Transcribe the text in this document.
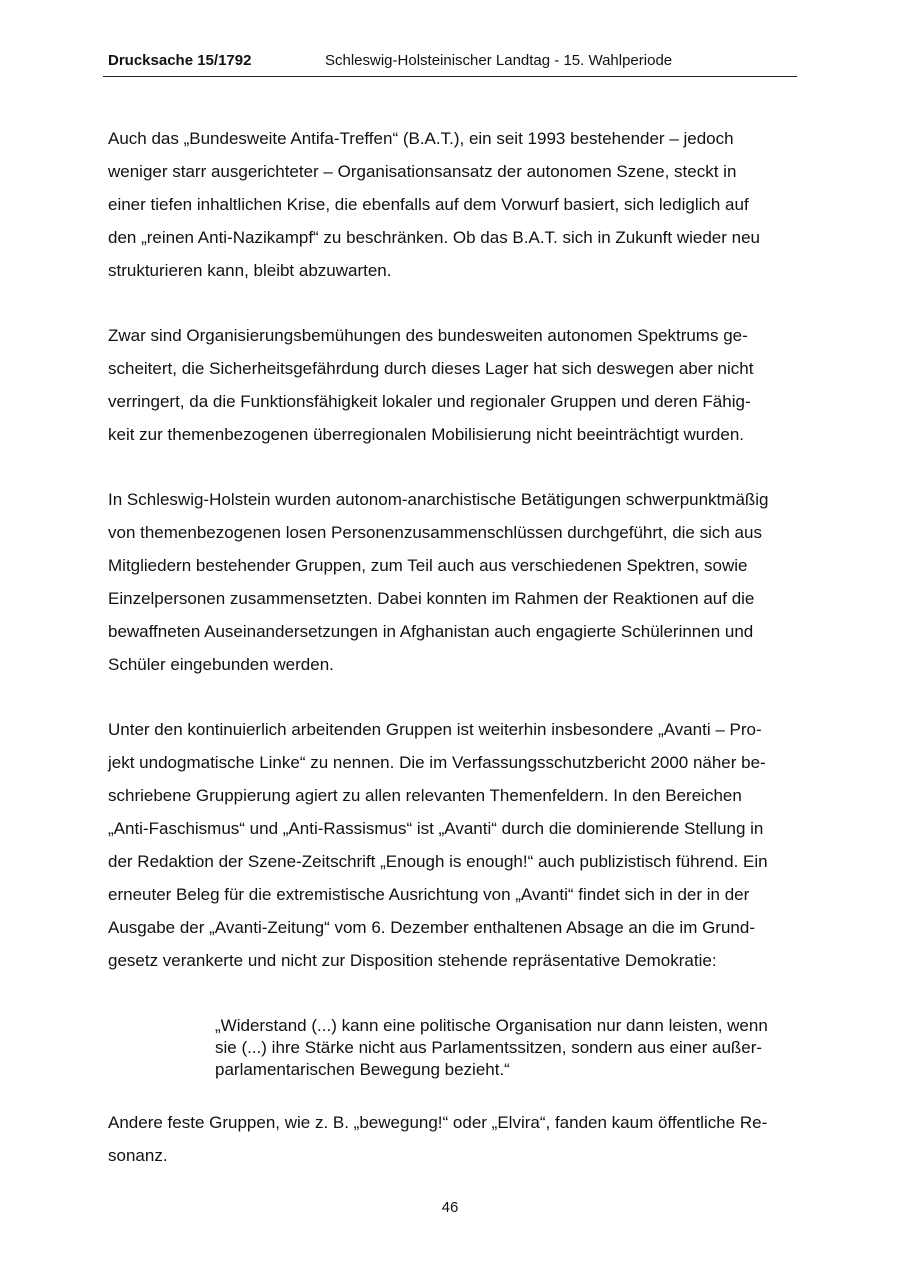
Drucksache 15/1792	Schleswig-Holsteinischer Landtag - 15. Wahlperiode
Auch das „Bundesweite Antifa-Treffen“ (B.A.T.), ein seit 1993 bestehender – jedoch
weniger starr ausgerichteter – Organisationsansatz der autonomen Szene, steckt in
einer tiefen inhaltlichen Krise, die ebenfalls auf dem Vorwurf basiert, sich lediglich auf
den „reinen Anti-Nazikampf“ zu beschränken. Ob das B.A.T. sich in Zukunft wieder neu
strukturieren kann, bleibt abzuwarten.
Zwar sind Organisierungsbemühungen des bundesweiten autonomen Spektrums ge-
scheitert, die Sicherheitsgefährdung durch dieses Lager hat sich deswegen aber nicht
verringert, da die Funktionsfähigkeit lokaler und regionaler Gruppen und deren Fähig-
keit zur themenbezogenen überregionalen Mobilisierung nicht beeinträchtigt wurden.
In Schleswig-Holstein wurden autonom-anarchistische Betätigungen schwerpunktmäßig
von themenbezogenen losen Personenzusammenschlüssen durchgeführt, die sich aus
Mitgliedern bestehender Gruppen, zum Teil auch aus verschiedenen Spektren, sowie
Einzelpersonen zusammensetzten. Dabei konnten im Rahmen der Reaktionen auf die
bewaffneten Auseinandersetzungen in Afghanistan auch engagierte Schülerinnen und
Schüler eingebunden werden.
Unter den kontinuierlich arbeitenden Gruppen ist weiterhin insbesondere „Avanti – Pro-
jekt undogmatische Linke“ zu nennen. Die im Verfassungsschutzbericht 2000 näher be-
schriebene Gruppierung agiert zu allen relevanten Themenfeldern. In den Bereichen
„Anti-Faschismus“ und „Anti-Rassismus“ ist „Avanti“ durch die dominierende Stellung in
der Redaktion der Szene-Zeitschrift „Enough is enough!“ auch publizistisch führend. Ein
erneuter Beleg für die extremistische Ausrichtung von „Avanti“ findet sich in der in der
Ausgabe der „Avanti-Zeitung“ vom 6. Dezember enthaltenen Absage an die im Grund-
gesetz verankerte und nicht zur Disposition stehende repräsentative Demokratie:
„Widerstand (...) kann eine politische Organisation nur dann leisten, wenn
sie (...) ihre Stärke nicht aus Parlamentssitzen, sondern aus einer außer-
parlamentarischen Bewegung bezieht.“
Andere feste Gruppen, wie z. B. „bewegung!“ oder „Elvira“, fanden kaum öffentliche Re-
sonanz.
46
